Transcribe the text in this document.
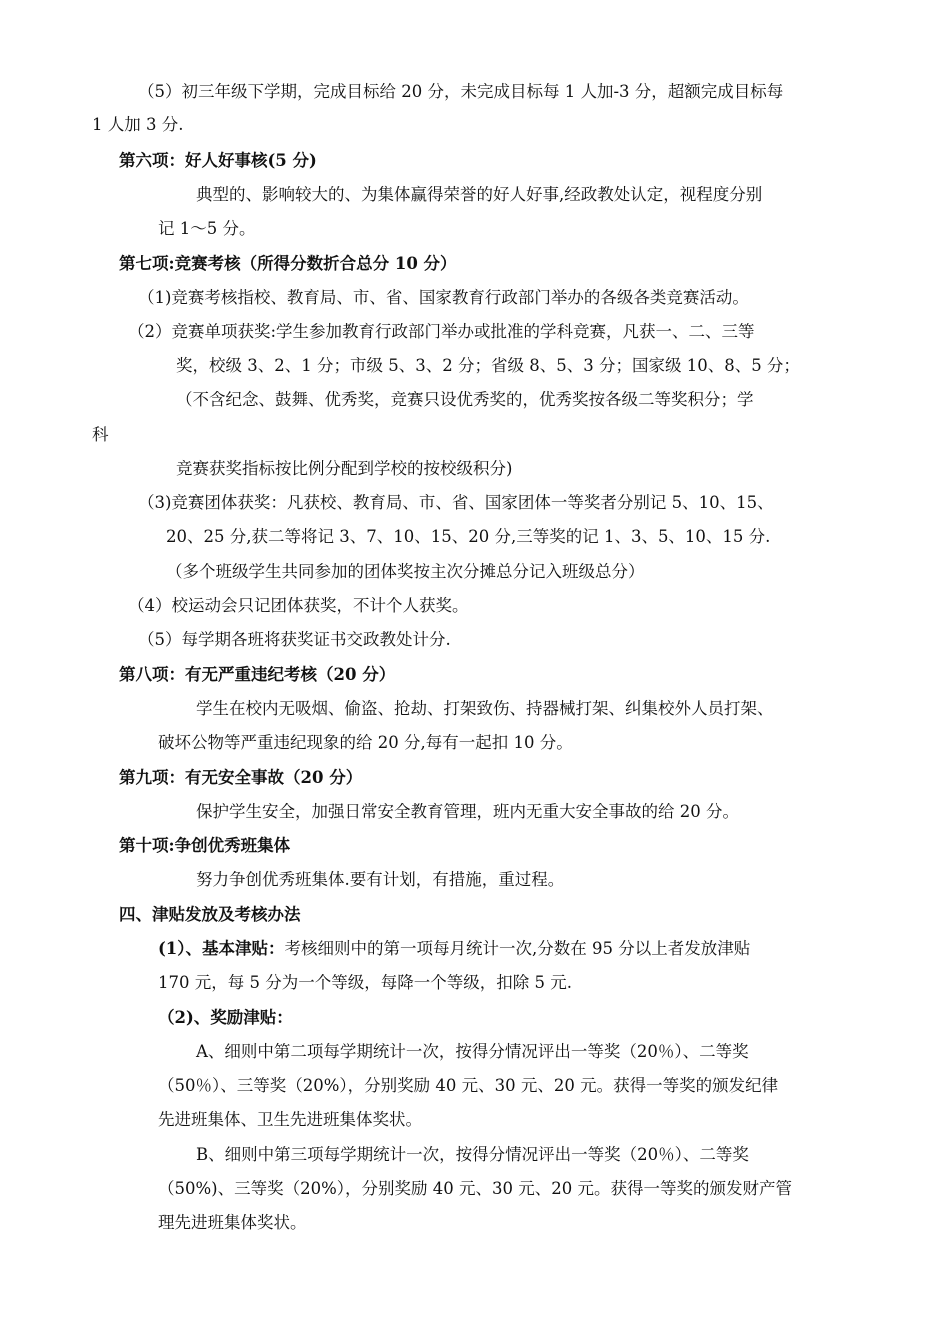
（5）初三年级下学期，完成目标给 20 分，未完成目标每 1 人加-3 分，超额完成目标每
1 人加 3 分.
第六项：好人好事核(5 分)
典型的、影响较大的、为集体赢得荣誉的好人好事,经政教处认定，视程度分别
记 1～5 分。
第七项:竞赛考核（所得分数折合总分 10 分）
（1)竞赛考核指校、教育局、市、省、国家教育行政部门举办的各级各类竞赛活动。
（2）竞赛单项获奖:学生参加教育行政部门举办或批准的学科竞赛，凡获一、二、三等
奖，校级 3、2、1 分；市级 5、3、2 分；省级 8、5、3 分；国家级 10、8、5 分；
（不含纪念、鼓舞、优秀奖，竞赛只设优秀奖的，优秀奖按各级二等奖积分；学
科
竞赛获奖指标按比例分配到学校的按校级积分)
（3)竞赛团体获奖：凡获校、教育局、市、省、国家团体一等奖者分别记 5、10、15、
20、25 分,获二等将记 3、7、10、15、20 分,三等奖的记 1、3、5、10、15 分.
（多个班级学生共同参加的团体奖按主次分摊总分记入班级总分）
（4）校运动会只记团体获奖，不计个人获奖。
（5）每学期各班将获奖证书交政教处计分.
第八项：有无严重违纪考核（20 分）
学生在校内无吸烟、偷盗、抢劫、打架致伤、持器械打架、纠集校外人员打架、
破坏公物等严重违纪现象的给 20 分,每有一起扣 10 分。
第九项：有无安全事故（20 分）
保护学生安全，加强日常安全教育管理，班内无重大安全事故的给 20 分。
第十项:争创优秀班集体
努力争创优秀班集体.要有计划，有措施，重过程。
四、津贴发放及考核办法
(1）、基本津贴：考核细则中的第一项每月统计一次,分数在 95 分以上者发放津贴
170 元，每 5 分为一个等级，每降一个等级，扣除 5 元.
（2)、奖励津贴：
A、细则中第二项每学期统计一次，按得分情况评出一等奖（20％）、二等奖
（50％）、三等奖（20%），分别奖励 40 元、30 元、20 元。获得一等奖的颁发纪律
先进班集体、卫生先进班集体奖状。
B、细则中第三项每学期统计一次，按得分情况评出一等奖（20％）、二等奖
（50%)、三等奖（20%），分别奖励 40 元、30 元、20 元。获得一等奖的颁发财产管
理先进班集体奖状。
